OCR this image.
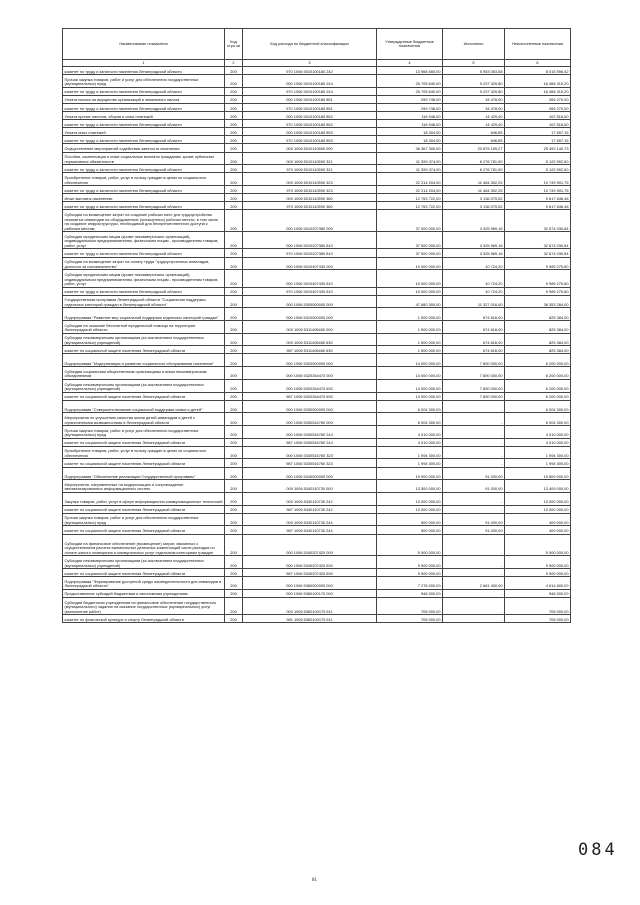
Наименование показателя	Код стро ки	Код расхода по бюджетной классификации	Утвержденные бюджетные назначения	Исполнено	Неисполненные назначения
1	2	3	4	5	6
комитет по труду и занятости населения Ленинградской области	200	970 1006 5010100180 242	13 968 650,00	5 953 053,58	8 015 596,42
Прочая закупка товаров, работ и услуг для обеспечения государственных (муниципальных) нужд	200	000 1006 5010100180 244	25 705 640,00	9 237 329,80	16 468 310,20
комитет по труду и занятости населения Ленинградской области	200	970 1006 5010100180 244	25 705 640,00	9 237 329,80	16 468 310,20
Уплата налога на имущество организаций и земельного налога	200	000 1006 5010100180 851	299 748,00	34 478,00	265 270,00
комитет по труду и занятости населения Ленинградской области	200	970 1006 5010100180 851	299 748,00	34 478,00	265 270,00
Уплата прочих налогов, сборов и иных платежей	200	000 1006 5010100180 852	116 948,00	14 429,40	102 518,60
комитет по труду и занятости населения Ленинградской области	200	970 1006 5010100180 852	116 948,00	14 429,40	102 518,60
Уплата иных платежей	200	000 1006 5010100180 853	18 304,00	646,85	17 657,15
комитет по труду и занятости населения Ленинградской области	200	970 1006 5010100180 853	18 304,00	646,85	17 657,15
Осуществление мероприятий содействия занятости населения	200	000 1006 5010110590 000	46 367 300,00	20 875 159,27	25 492 140,73
Пособия, компенсации и иные социальные выплаты гражданам, кроме публичных нормативных обязательств	200	000 1006 5010110590 321	11 399 374,00	6 276 781,50	5 122 592,50
комитет по труду и занятости населения Ленинградской области	200	970 1006 5010110590 321	11 399 374,00	6 276 781,50	5 122 592,50
Приобретение товаров, работ, услуг в пользу граждан в целях их социального обеспечения	200	000 1006 5010110590 323	22 214 204,00	11 464 302,25	10 749 901,75
комитет по труду и занятости населения Ленинградской области	200	970 1006 5010110590 323	22 214 204,00	11 464 302,25	10 749 901,75
Иные выплаты населению	200	000 1006 5010110590 360	12 753 722,00	3 136 075,52	9 617 646,48
комитет по труду и занятости населения Ленинградской области	200	970 1006 5010110590 360	12 753 722,00	3 136 075,52	9 617 646,48
Субсидии на возмещение затрат на создание рабочих мест для трудоустройства незанятых инвалидов на оборудованных (оснащенных) рабочих местах, в том числе на создание инфраструктуры, необходимой для беспрепятственного доступа к рабочим местам	200	000 1006 5010207380 000	37 000 000,00	4 325 969,16	32 674 030,84
Субсидии юридическим лицам (кроме некоммерческих организаций), индивидуальным предпринимателям, физическим лицам - производителям товаров, работ, услуг	200	000 1006 5010207380 810	37 000 000,00	4 325 969,16	32 674 030,84
комитет по труду и занятости населения Ленинградской области	200	970 1006 5010207380 810	37 000 000,00	4 325 969,16	32 674 030,84
Субсидии на возмещение затрат на оплату труда "трудоустроенных инвалидов, допологи за наставничество"	200	000 1006 5010407430 000	10 000 000,00	10 724,20	9 989 275,80
Субсидии юридическим лицам (кроме некоммерческих организаций), индивидуальным предпринимателям, физическим лицам - производителям товаров, работ, услуг	200	000 1006 5010407430 810	10 000 000,00	10 724,20	9 989 275,80
комитет по труду и занятости населения Ленинградской области	200	970 1006 5010407430 810	10 000 000,00	10 724,20	9 989 275,80
Государственная программа Ленинградской области "Социальная поддержка отдельных категорий граждан в Ленинградской области"	200	000 1006 5300000000 000	47 680 300,00	11 327 016,00	36 353 284,00
Подпрограмма "Развитие мер социальной поддержки отдельных категорий граждан"	200	000 1006 5310000000 000	1 500 000,00	674 616,00	825 384,00
Субсидии на оказание бесплатной юридической помощи на территории Ленинградской области	200	000 1006 5311406460 000	1 500 000,00	674 616,00	825 384,00
Субсидии некоммерческим организациям (за исключением государственных (муниципальных) учреждений)	200	000 1006 5311406460 630	1 500 000,00	674 616,00	825 384,00
комитет по социальной защите населения Ленинградской области	200	987 1006 5311406460 630	1 500 000,00	674 616,00	825 384,00
Подпрограмма "Модернизация и развитие социального обслуживания населения"	200	000 1006 5320000000 000	14 000 000,00	7 800 000,00	6 200 000,00
Субсидии социальным общественным организациям и иным некоммерческим объединениям	200	000 1006 5320264470 000	14 000 000,00	7 800 000,00	6 200 000,00
Субсидии некоммерческим организациям (за исключением государственных (муниципальных) учреждений)	200	000 1006 5320264470 630	14 000 000,00	7 800 000,00	6 200 000,00
комитет по социальной защите населения Ленинградской области	200	987 1006 5320264470 630	14 000 000,00	7 800 000,00	6 200 000,00
Подпрограмма "Совершенствование социальной поддержки семьи и детей"	200	000 1006 5330000000 000	6 004 300,00	-	6 004 300,00
Мероприятия по улучшению качества жизни детей-инвалидов и детей с ограниченными возможностями в Ленинградской области	200	000 1006 5330516760 000	6 004 300,00	-	6 004 300,00
Прочая закупка товаров, работ и услуг для обеспечения государственных (муниципальных) нужд	200	000 1006 5330516760 244	4 010 000,00	-	4 010 000,00
комитет по социальной защите населения Ленинградской области	200	987 1006 5330516760 244	4 010 000,00	-	4 010 000,00
Приобретение товаров, работ, услуг в пользу граждан в целях их социального обеспечения	200	000 1006 5330516760 323	1 994 300,00	-	1 994 300,00
комитет по социальной защите населения Ленинградской области	200	987 1006 5330516760 323	1 994 300,00	-	1 994 300,00
Подпрограмма "Обеспечение реализации Государственной программы"	200	000 1006 5340000000 000	19 900 000,00	91 000,00	19 809 000,00
Мероприятия, направленные на модернизацию и сопровождение автоматизированных информационных систем	200	000 1006 5340110730 000	13 500 000,00	91 000,00	13 409 000,00
Закупка товаров, работ, услуг в сфере информационно-коммуникационных технологий	200	000 1006 5340110730 242	13 000 000,00	-	13 000 000,00
комитет по социальной защите населения Ленинградской области	200	987 1006 5340110730 242	13 000 000,00	-	13 000 000,00
Прочая закупка товаров, работ и услуг для обеспечения государственных (муниципальных) нужд	200	000 1006 5340110730 244	500 000,00	91 000,00	409 000,00
комитет по социальной защите населения Ленинградской области	200	987 1006 5340110730 244	500 000,00	91 000,00	409 000,00
Субсидии на финансовое обеспечение (возмещение) затрат, связанных с осуществлением расчета ежемесячных денежных компенсаций части расходов по оплате жилого помещения и коммунальных услуг отдельным категориям граждан	200	000 1006 5340207420 000	5 500 000,00	-	5 500 000,00
Субсидии некоммерческим организациям (за исключением государственных (муниципальных) учреждений)	200	000 1006 5340207420 630	5 500 000,00	-	5 500 000,00
комитет по социальной защите населения Ленинградской области	200	987 1006 5340207420 630	5 500 000,00	-	5 500 000,00
Подпрограмма "Формирование доступной среды жизнедеятельности для инвалидов в Ленинградской области"	200	000 1006 5360000000 000	7 276 000,00	2 661 400,00	4 614 600,00
Предоставление субсидий бюджетным и автономным учреждениям	200	000 1006 5360100170 000	948 000,00	-	948 000,00
Субсидии бюджетным учреждениям на финансовое обеспечение государственного (муниципального) задания на оказание государственных (муниципальных) услуг (выполнение работ)	200	000 1006 5360100170 611	708 000,00	-	708 000,00
комитет по физической культуре и спорту Ленинградской области	200	981 1006 5360100170 611	708 000,00	-	708 000,00
81
084
